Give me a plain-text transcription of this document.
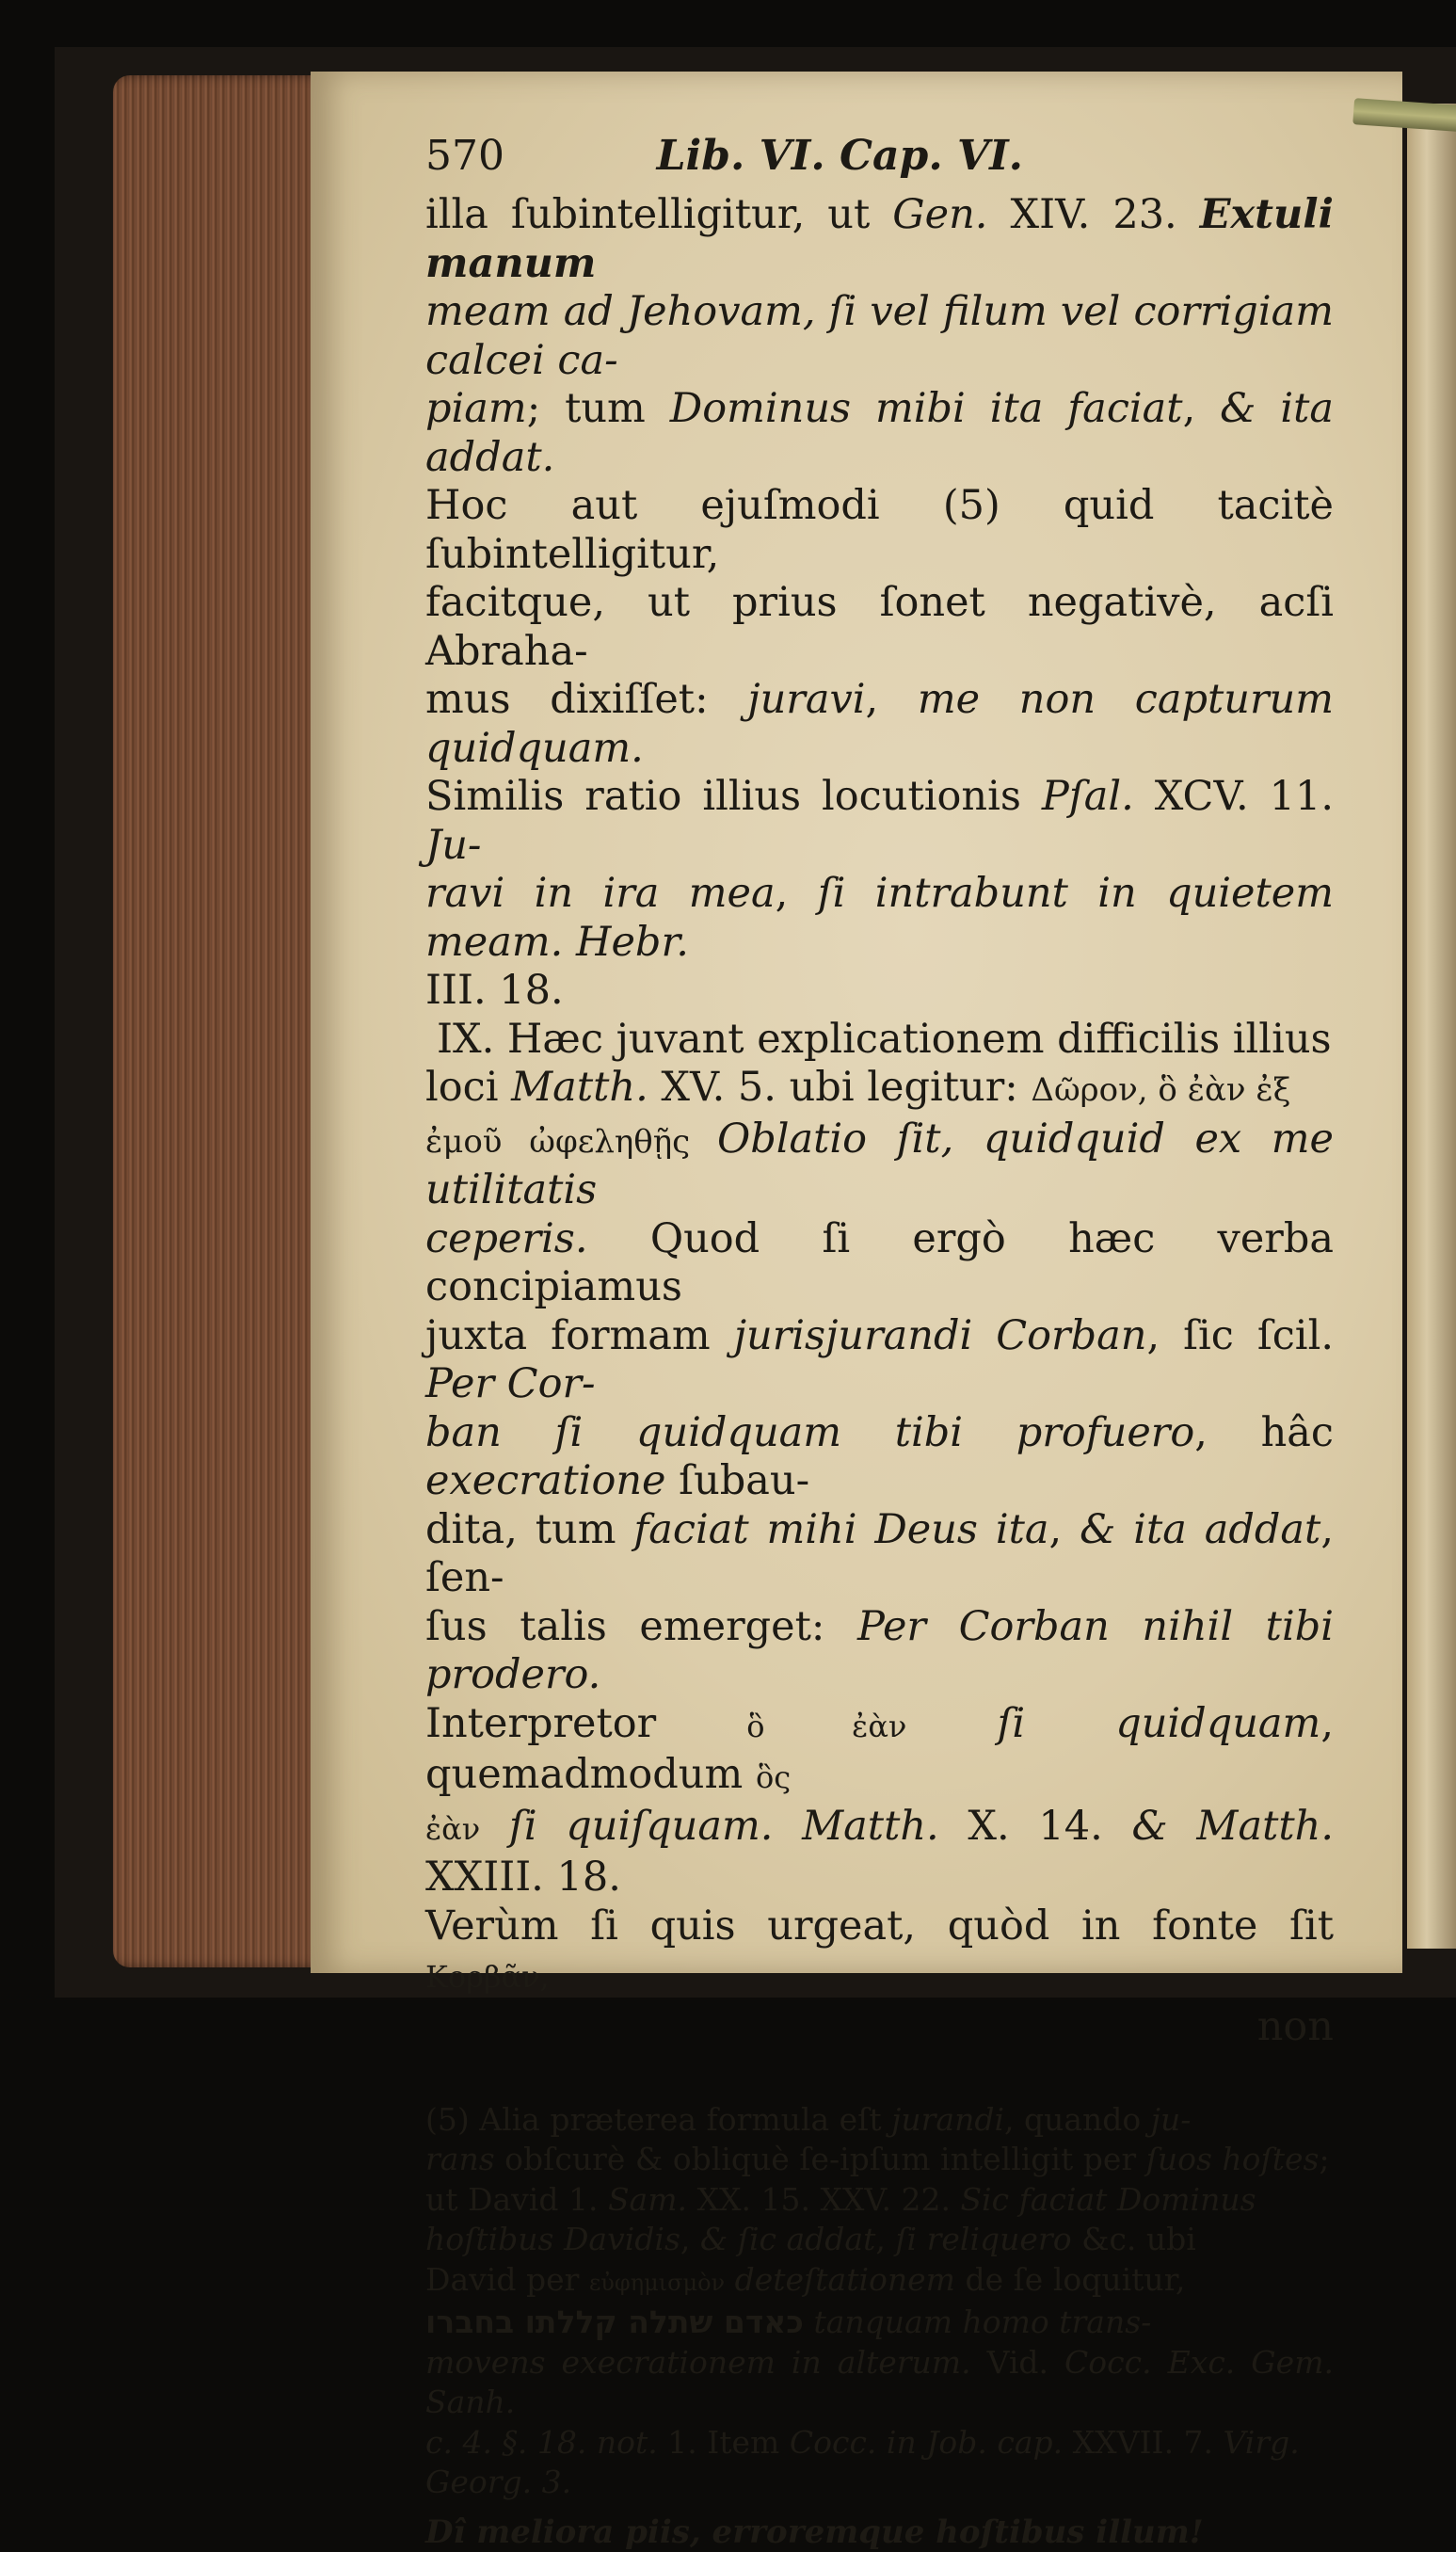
570	Lib. VI. Cap. VI.
illa ſubintelligitur, ut Gen. XIV. 23. Extuli manum
meam ad Jehovam, ſi vel filum vel corrigiam calcei ca-
piam; tum Dominus mibi ita faciat, & ita addat.
Hoc aut ejuſmodi (5) quid tacitè ſubintelligitur,
facitque, ut prius ſonet negativè, acſi Abraha-
mus dixiſſet: juravi, me non capturum quidquam.
Similis ratio illius locutionis Pſal. XCV. 11. Ju-
ravi in ira mea, ſi intrabunt in quietem meam. Hebr.
III. 18.
IX. Hæc juvant explicationem difficilis illius
loci Matth. XV. 5. ubi legitur: Δῶρον, ὃ ἐὰν ἐξ
ἐμοῦ ὠφεληθῇς Oblatio ſit, quidquid ex me utilitatis
ceperis. Quod ſi ergò hæc verba concipiamus
juxta formam jurisjurandi Corban, ſic ſcil. Per Cor-
ban ſi quidquam tibi profuero, hâc execratione ſubau-
dita, tum faciat mihi Deus ita, & ita addat, ſen-
ſus talis emerget: Per Corban nihil tibi prodero.
Interpretor ὃ ἐὰν ſi quidquam, quemadmodum ὃς
ἐὰν ſi quiſquam. Matth. X. 14. & Matth. XXIII. 18.
Verùm ſi quis urgeat, quòd in fonte ſit Κορβᾶν,
non
(5) Alia præterea formula eſt jurandi, quando ju-
rans obſcurè & obliquè ſe-ipſum intelligit per ſuos hoſtes;
ut David 1. Sam. XX. 15. XXV. 22. Sic faciat Dominus
hoſtibus Davidis, & ſic addat, ſi reliquero &c. ubi
David per εὐφημισμὸν deteſtationem de ſe loquitur,
כאדם שתלה קללתו בחברו tanquam homo trans-
movens execrationem in alterum. Vid. Cocc. Exc. Gem. Sanh.
c. 4. §. 18. not. 1. Item Cocc. in Job. cap. XXVII. 7. Virg.
Georg. 3.
Dî meliora piis, erroremque hoſtibus illum!
